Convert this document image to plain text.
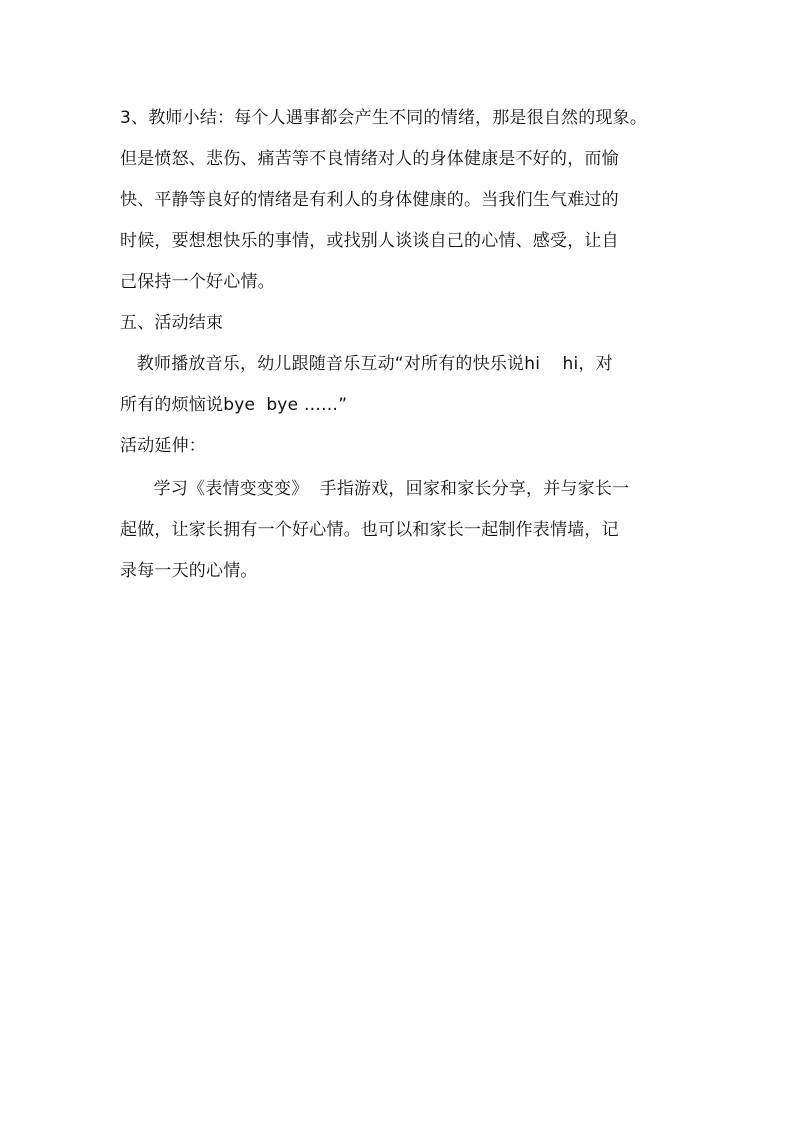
3、教师小结：每个人遇事都会产生不同的情绪，那是很自然的现象。
但是愤怒、悲伤、痛苦等不良情绪对人的身体健康是不好的，而愉
快、平静等良好的情绪是有利人的身体健康的。当我们生气难过的
时候，要想想快乐的事情，或找别人谈谈自己的心情、感受，让自
己保持一个好心情。
五、活动结束
教师播放音乐，幼儿跟随音乐互动“对所有的快乐说hi    hi，对
所有的烦恼说bye  bye ……”
活动延伸：
学习《表情变变变》  手指游戏，回家和家长分享，并与家长一
起做，让家长拥有一个好心情。也可以和家长一起制作表情墙，记
录每一天的心情。
